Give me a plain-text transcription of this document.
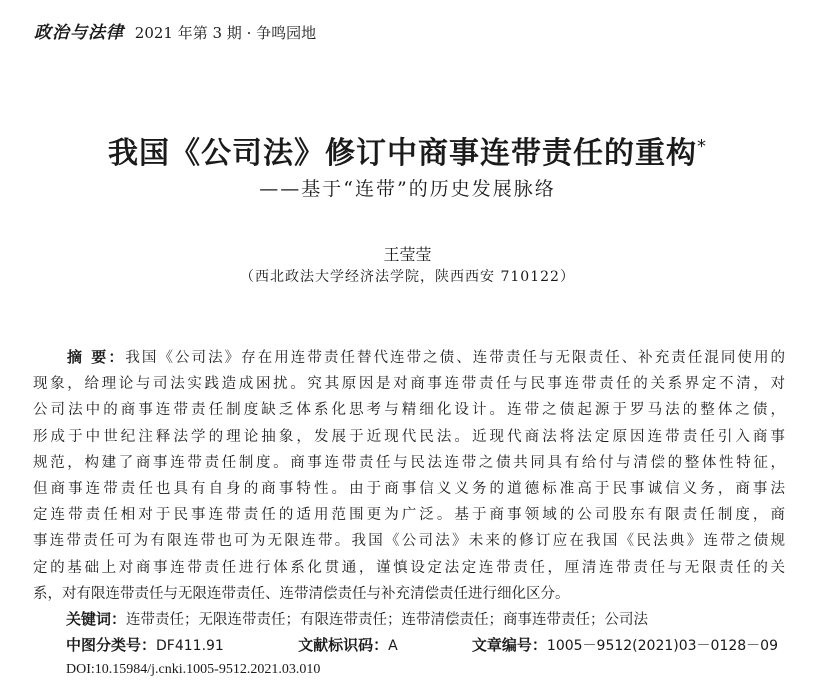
政治与法律 2021 年第 3 期 · 争鸣园地
我国《公司法》修订中商事连带责任的重构*
——基于“连带”的历史发展脉络
王莹莹
（西北政法大学经济法学院，陕西西安 710122）
摘 要：我国《公司法》存在用连带责任替代连带之债、连带责任与无限责任、补充责任混同使用的
现象，给理论与司法实践造成困扰。究其原因是对商事连带责任与民事连带责任的关系界定不清，对
公司法中的商事连带责任制度缺乏体系化思考与精细化设计。连带之债起源于罗马法的整体之债，
形成于中世纪注释法学的理论抽象，发展于近现代民法。近现代商法将法定原因连带责任引入商事
规范，构建了商事连带责任制度。商事连带责任与民法连带之债共同具有给付与清偿的整体性特征，
但商事连带责任也具有自身的商事特性。由于商事信义义务的道德标准高于民事诚信义务，商事法
定连带责任相对于民事连带责任的适用范围更为广泛。基于商事领域的公司股东有限责任制度，商
事连带责任可为有限连带也可为无限连带。我国《公司法》未来的修订应在我国《民法典》连带之债规
定的基础上对商事连带责任进行体系化贯通，谨慎设定法定连带责任，厘清连带责任与无限责任的关
系，对有限连带责任与无限连带责任、连带清偿责任与补充清偿责任进行细化区分。
关键词：连带责任；无限连带责任；有限连带责任；连带清偿责任；商事连带责任；公司法
中图分类号：DF411.91	文献标识码：A	文章编号：1005－9512(2021)03－0128－09
DOI:10.15984/j.cnki.1005-9512.2021.03.010
